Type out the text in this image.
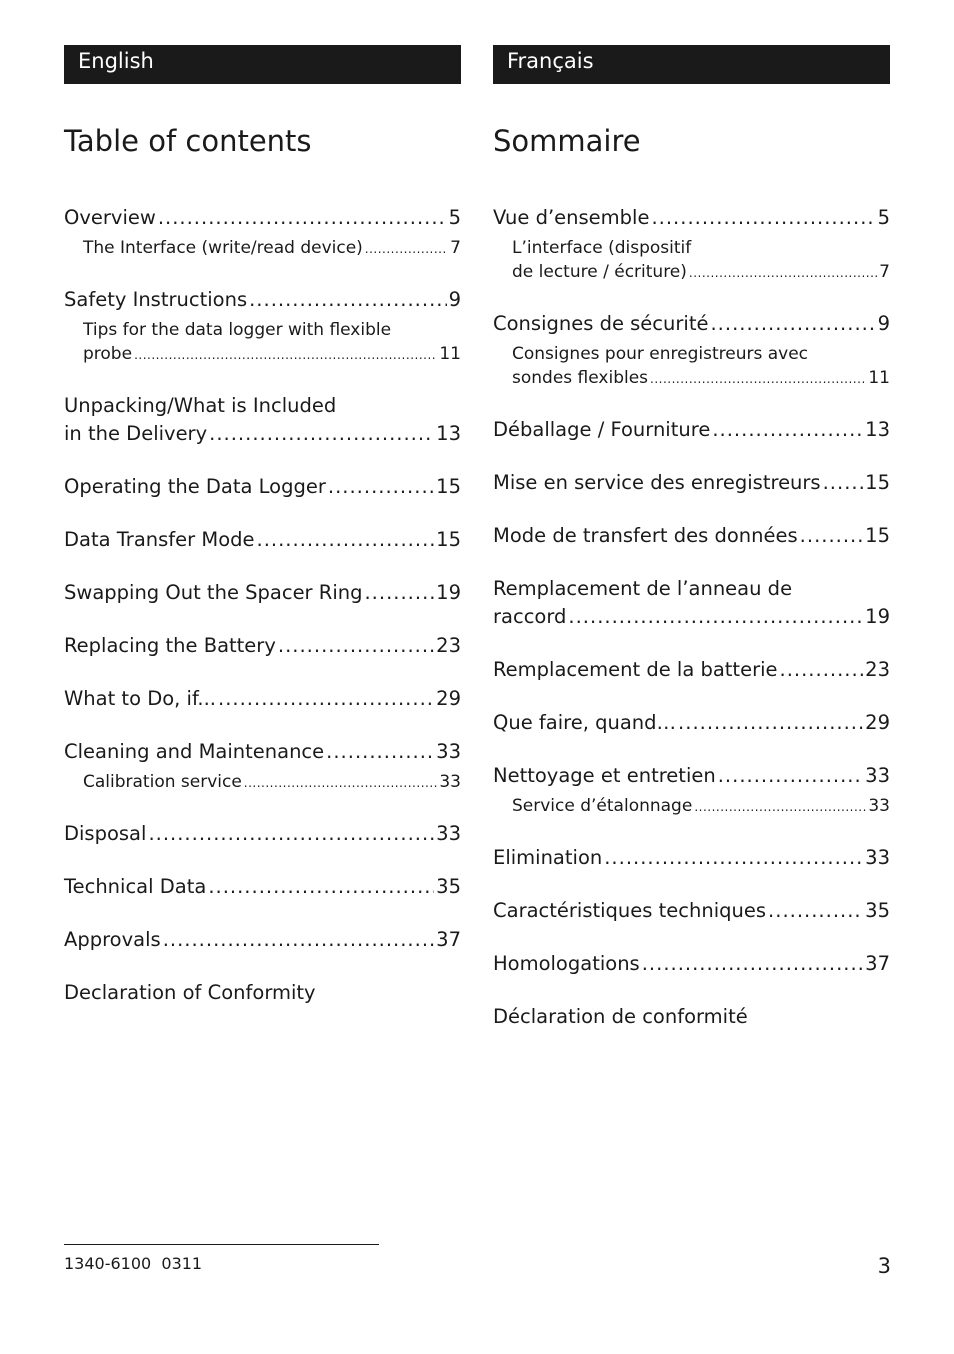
English
Table of contents
Overview .....	5
The Interface (write/read device) .....	7
Safety Instructions .....	9
Tips for the data logger with flexible
probe .....	11
Unpacking/What is Included
in the Delivery .....	13
Operating the Data Logger .....	15
Data Transfer Mode .....	15
Swapping Out the Spacer Ring .....	19
Replacing the Battery .....	23
What to Do, if... .....	29
Cleaning and Maintenance .....	33
Calibration service .....	33
Disposal .....	33
Technical Data .....	35
Approvals .....	37
Declaration of Conformity
Français
Sommaire
Vue d’ensemble .....	5
L’interface (dispositif
de lecture / écriture) .....	7
Consignes de sécurité .....	9
Consignes pour enregistreurs avec
sondes flexibles .....	11
Déballage / Fourniture .....	13
Mise en service des enregistreurs ..... 15
Mode de transfert des données .....	15
Remplacement de l’anneau de
raccord .....	19
Remplacement de la batterie .....	23
Que faire, quand… .....	29
Nettoyage et entretien .....	33
Service d’étalonnage .....	33
Elimination .....	33
Caractéristiques techniques .....	35
Homologations .....	37
Déclaration de conformité
1340-6100  0311	3
